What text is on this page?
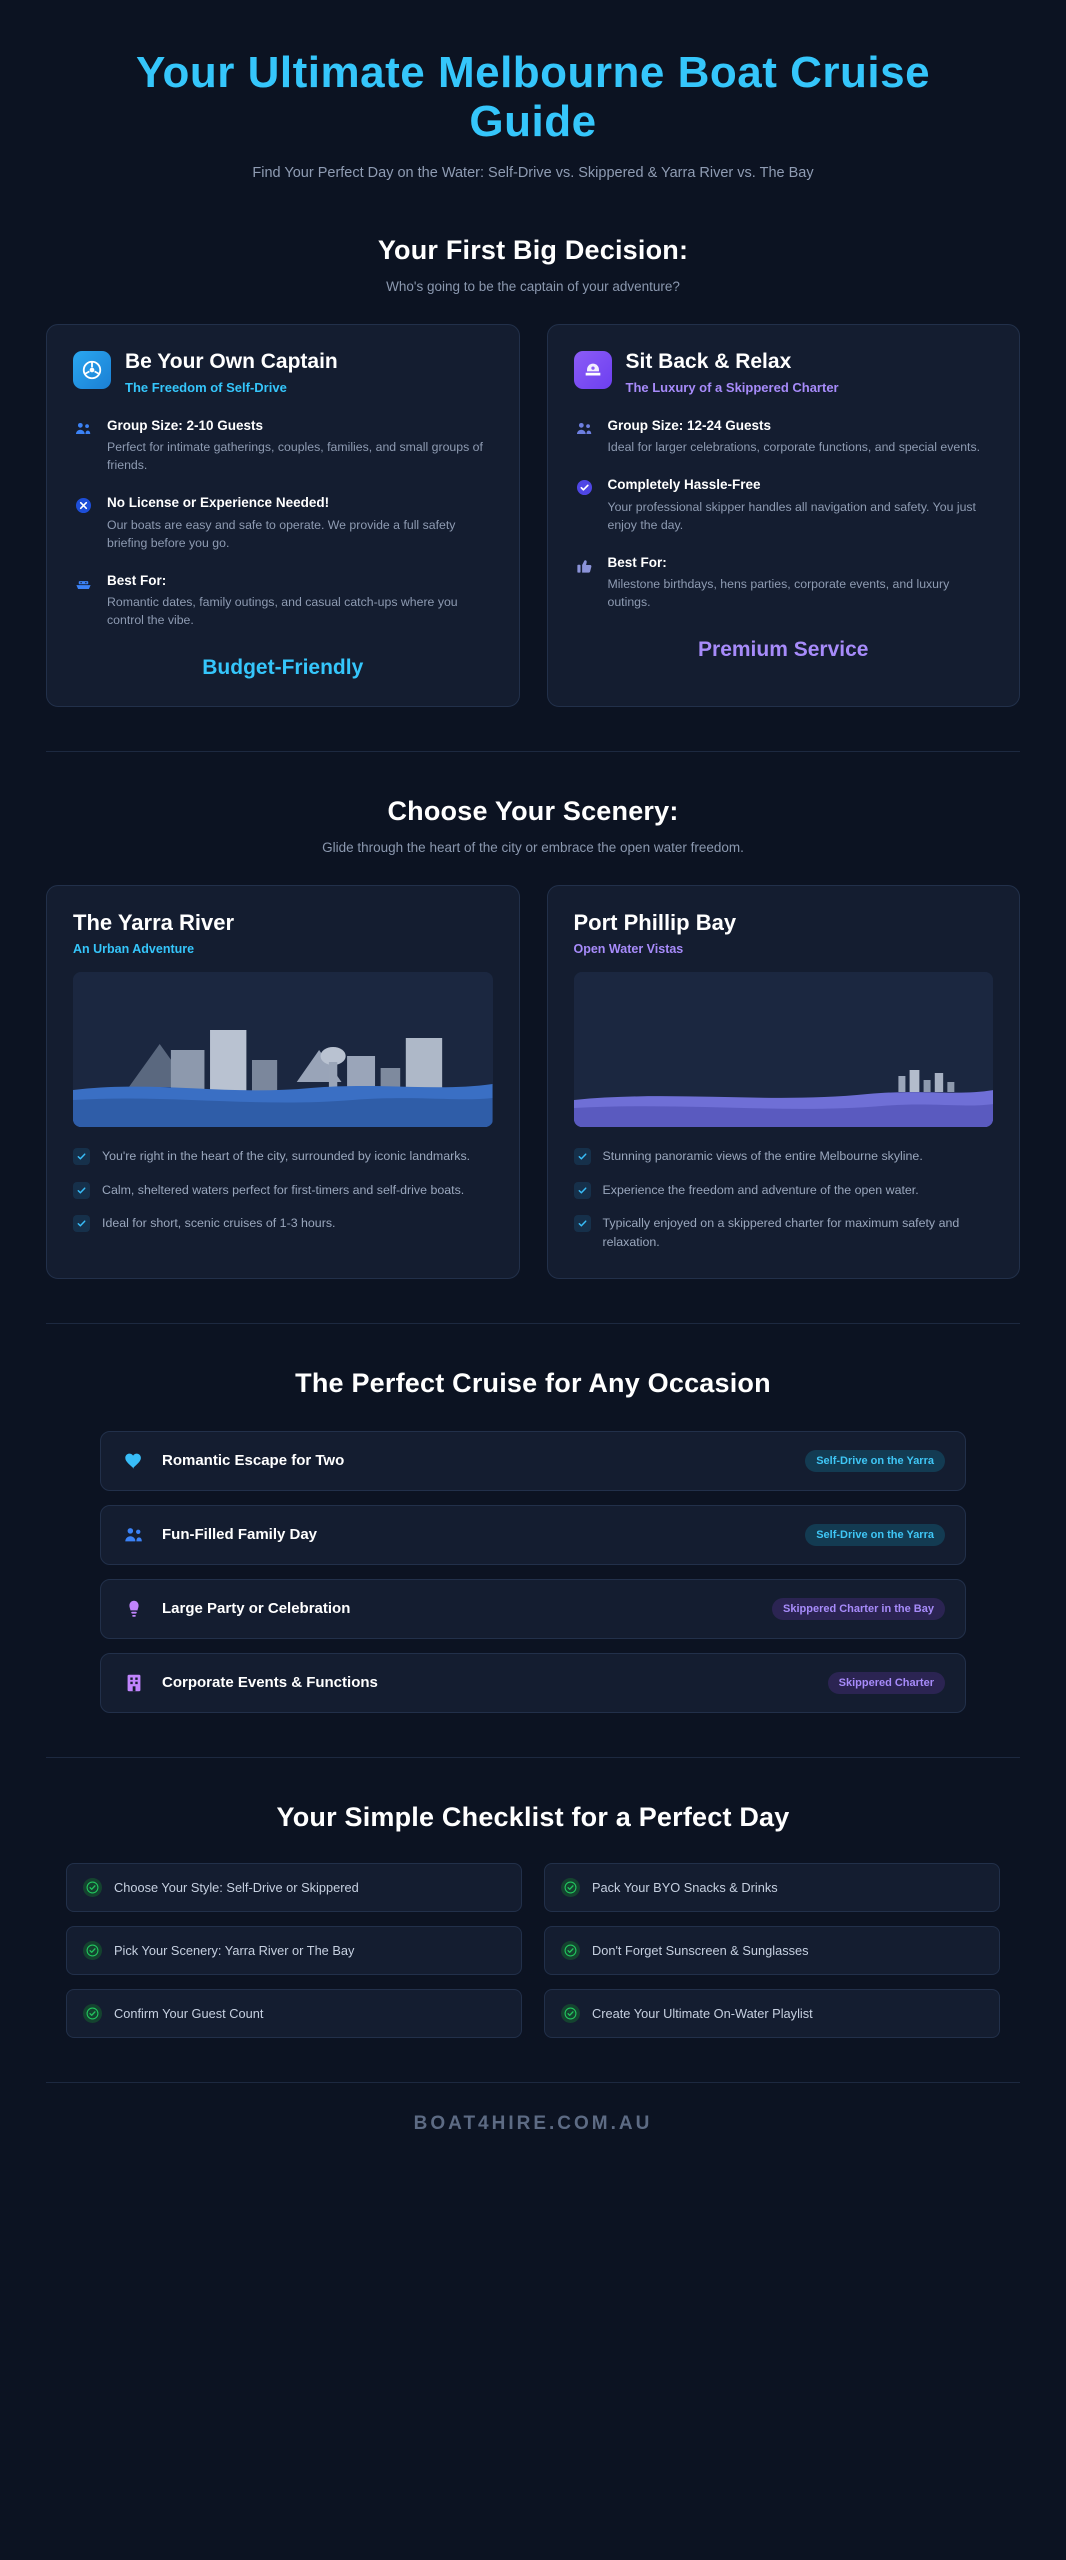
Your Ultimate Melbourne Boat Cruise Guide
Find Your Perfect Day on the Water: Self-Drive vs. Skippered & Yarra River vs. The Bay
Your First Big Decision:
Who's going to be the captain of your adventure?
Be Your Own Captain
The Freedom of Self-Drive
Group Size: 2-10 Guests

Perfect for intimate gatherings, couples, families, and small groups of friends.

No License or Experience Needed!

Our boats are easy and safe to operate. We provide a full safety briefing before you go.

Best For:

Romantic dates, family outings, and casual catch-ups where you control the vibe.

Budget-Friendly
Sit Back & Relax
The Luxury of a Skippered Charter
Group Size: 12-24 Guests

Ideal for larger celebrations, corporate functions, and special events.

Completely Hassle-Free

Your professional skipper handles all navigation and safety. You just enjoy the day.

Best For:

Milestone birthdays, hens parties, corporate events, and luxury outings.

Premium Service
Choose Your Scenery:
Glide through the heart of the city or embrace the open water freedom.
The Yarra River
An Urban Adventure

You're right in the heart of the city, surrounded by iconic landmarks.

Calm, sheltered waters perfect for first-timers and self-drive boats.

Ideal for short, scenic cruises of 1-3 hours.

Port Phillip Bay
Open Water Vistas

Stunning panoramic views of the entire Melbourne skyline.

Experience the freedom and adventure of the open water.

Typically enjoyed on a skippered charter for maximum safety and relaxation.

The Perfect Cruise for Any Occasion
Romantic Escape for Two	Self-Drive on the Yarra
Fun-Filled Family Day	Self-Drive on the Yarra
Large Party or Celebration	Skippered Charter in the Bay
Corporate Events & Functions	Skippered Charter
Your Simple Checklist for a Perfect Day
Choose Your Style: Self-Drive or Skippered	Pack Your BYO Snacks & Drinks
Pick Your Scenery: Yarra River or The Bay	Don't Forget Sunscreen & Sunglasses
Confirm Your Guest Count	Create Your Ultimate On-Water Playlist
BOAT4HIRE.COM.AU
